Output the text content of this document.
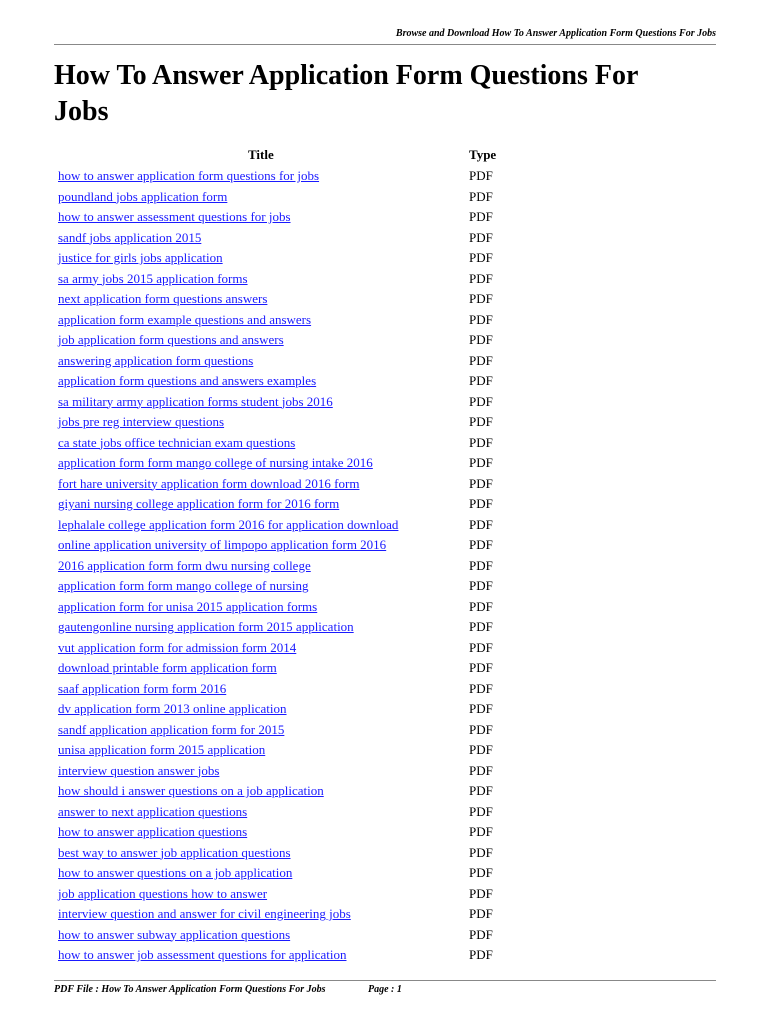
Browse and Download How To Answer Application Form Questions For Jobs
How To Answer Application Form Questions For Jobs
Title	Type
how to answer application form questions for jobs	PDF
poundland jobs application form	PDF
how to answer assessment questions for jobs	PDF
sandf jobs application 2015	PDF
justice for girls jobs application	PDF
sa army jobs 2015 application forms	PDF
next application form questions answers	PDF
application form example questions and answers	PDF
job application form questions and answers	PDF
answering application form questions	PDF
application form questions and answers examples	PDF
sa military army application forms student jobs 2016	PDF
jobs pre reg interview questions	PDF
ca state jobs office technician exam questions	PDF
application form form mango college of nursing intake 2016	PDF
fort hare university application form download 2016 form	PDF
giyani nursing college application form for 2016 form	PDF
lephalale college application form 2016 for application download	PDF
online application university of limpopo application form 2016	PDF
2016 application form form dwu nursing college	PDF
application form form mango college of nursing	PDF
application form for unisa 2015 application forms	PDF
gautengonline nursing application form 2015 application	PDF
vut application form for admission form 2014	PDF
download printable form application form	PDF
saaf application form form 2016	PDF
dv application form 2013 online application	PDF
sandf application application form for 2015	PDF
unisa application form 2015 application	PDF
interview question answer jobs	PDF
how should i answer questions on a job application	PDF
answer to next application questions	PDF
how to answer application questions	PDF
best way to answer job application questions	PDF
how to answer questions on a job application	PDF
job application questions how to answer	PDF
interview question and answer for civil engineering jobs	PDF
how to answer subway application questions	PDF
how to answer job assessment questions for application	PDF
PDF File : How To Answer Application Form Questions For Jobs	Page : 1
